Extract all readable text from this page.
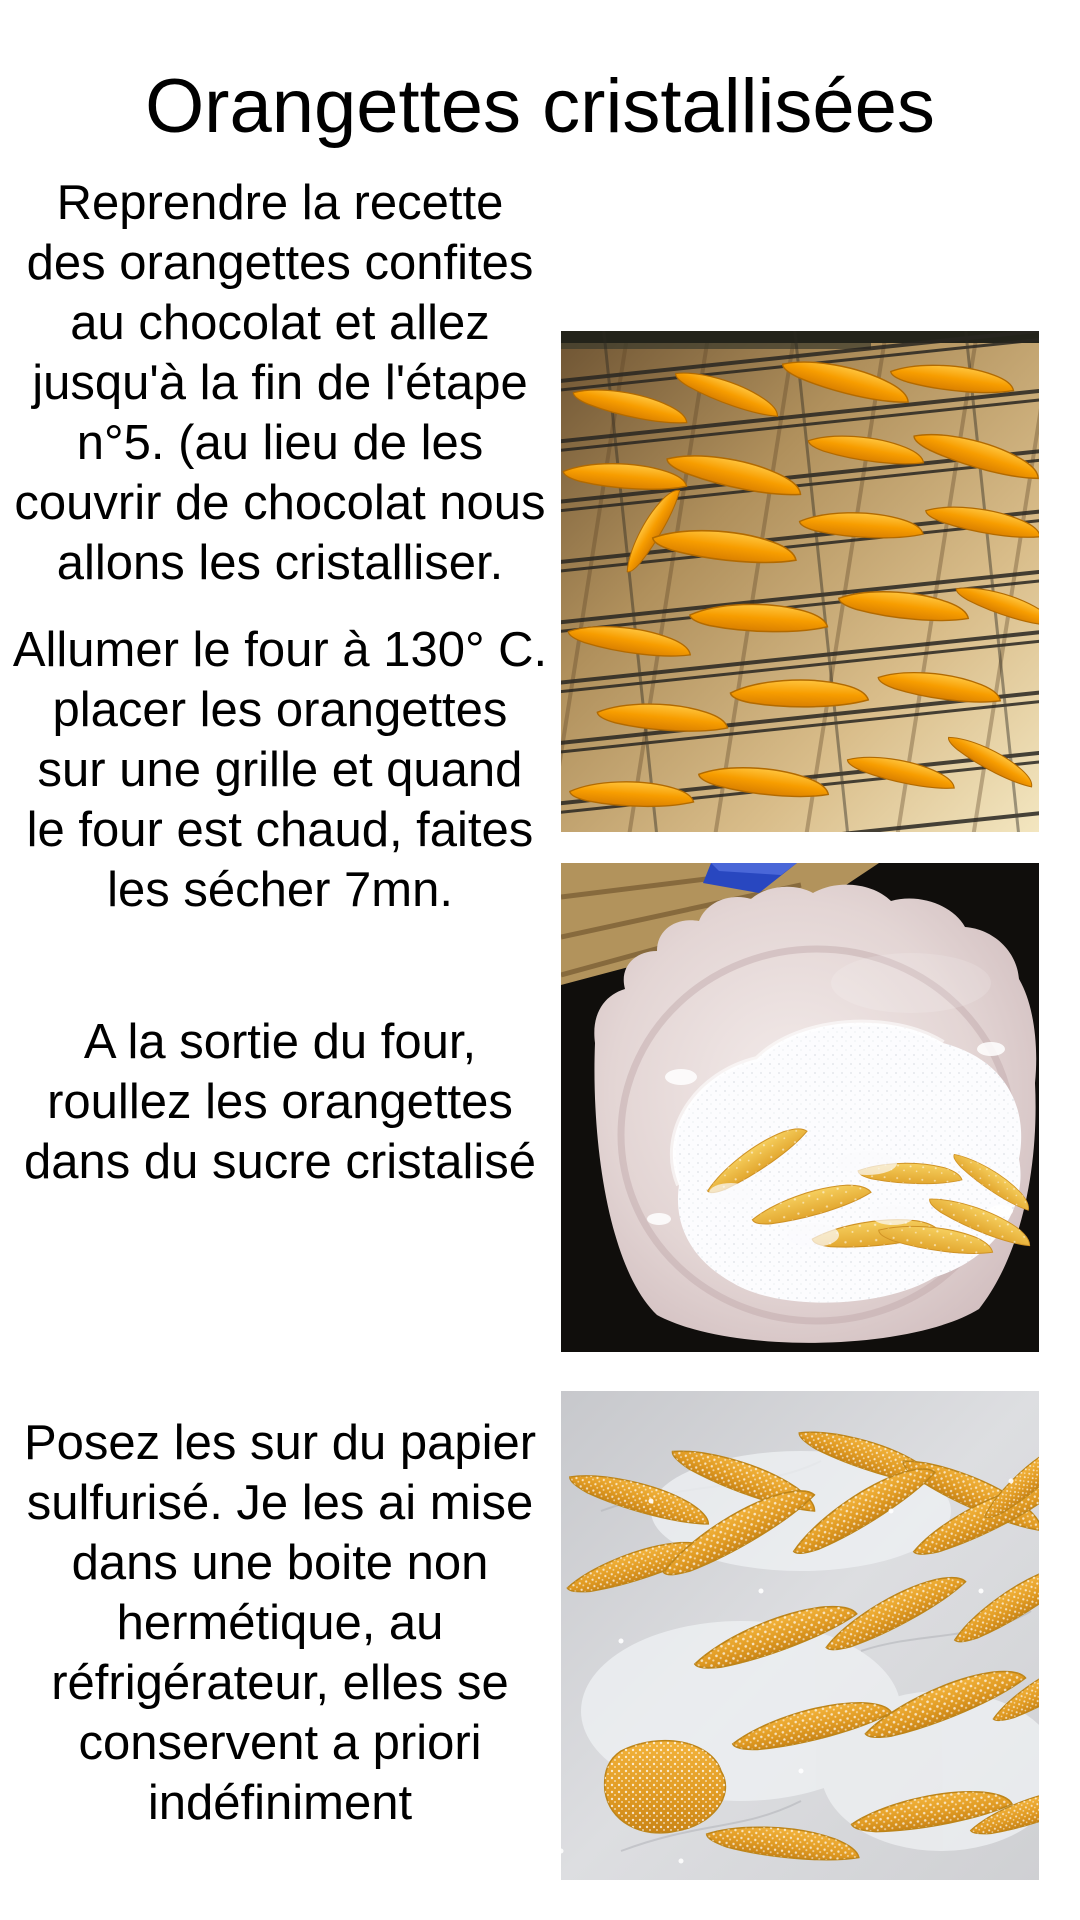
Orangettes cristallisées
Reprendre la recette
des orangettes confites
au chocolat et allez
jusqu'à la fin de l'étape
n°5. (au lieu de les
couvrir de chocolat nous
allons les cristalliser.
Allumer le four à 130° C.
placer les orangettes
sur une grille et quand
le four est chaud, faites
les sécher 7mn.
A la sortie du four,
roullez les orangettes
dans du sucre cristalisé
Posez les sur du papier
sulfurisé. Je les ai mise
dans une boite non
hermétique, au
réfrigérateur, elles se
conservent a priori
indéfiniment
